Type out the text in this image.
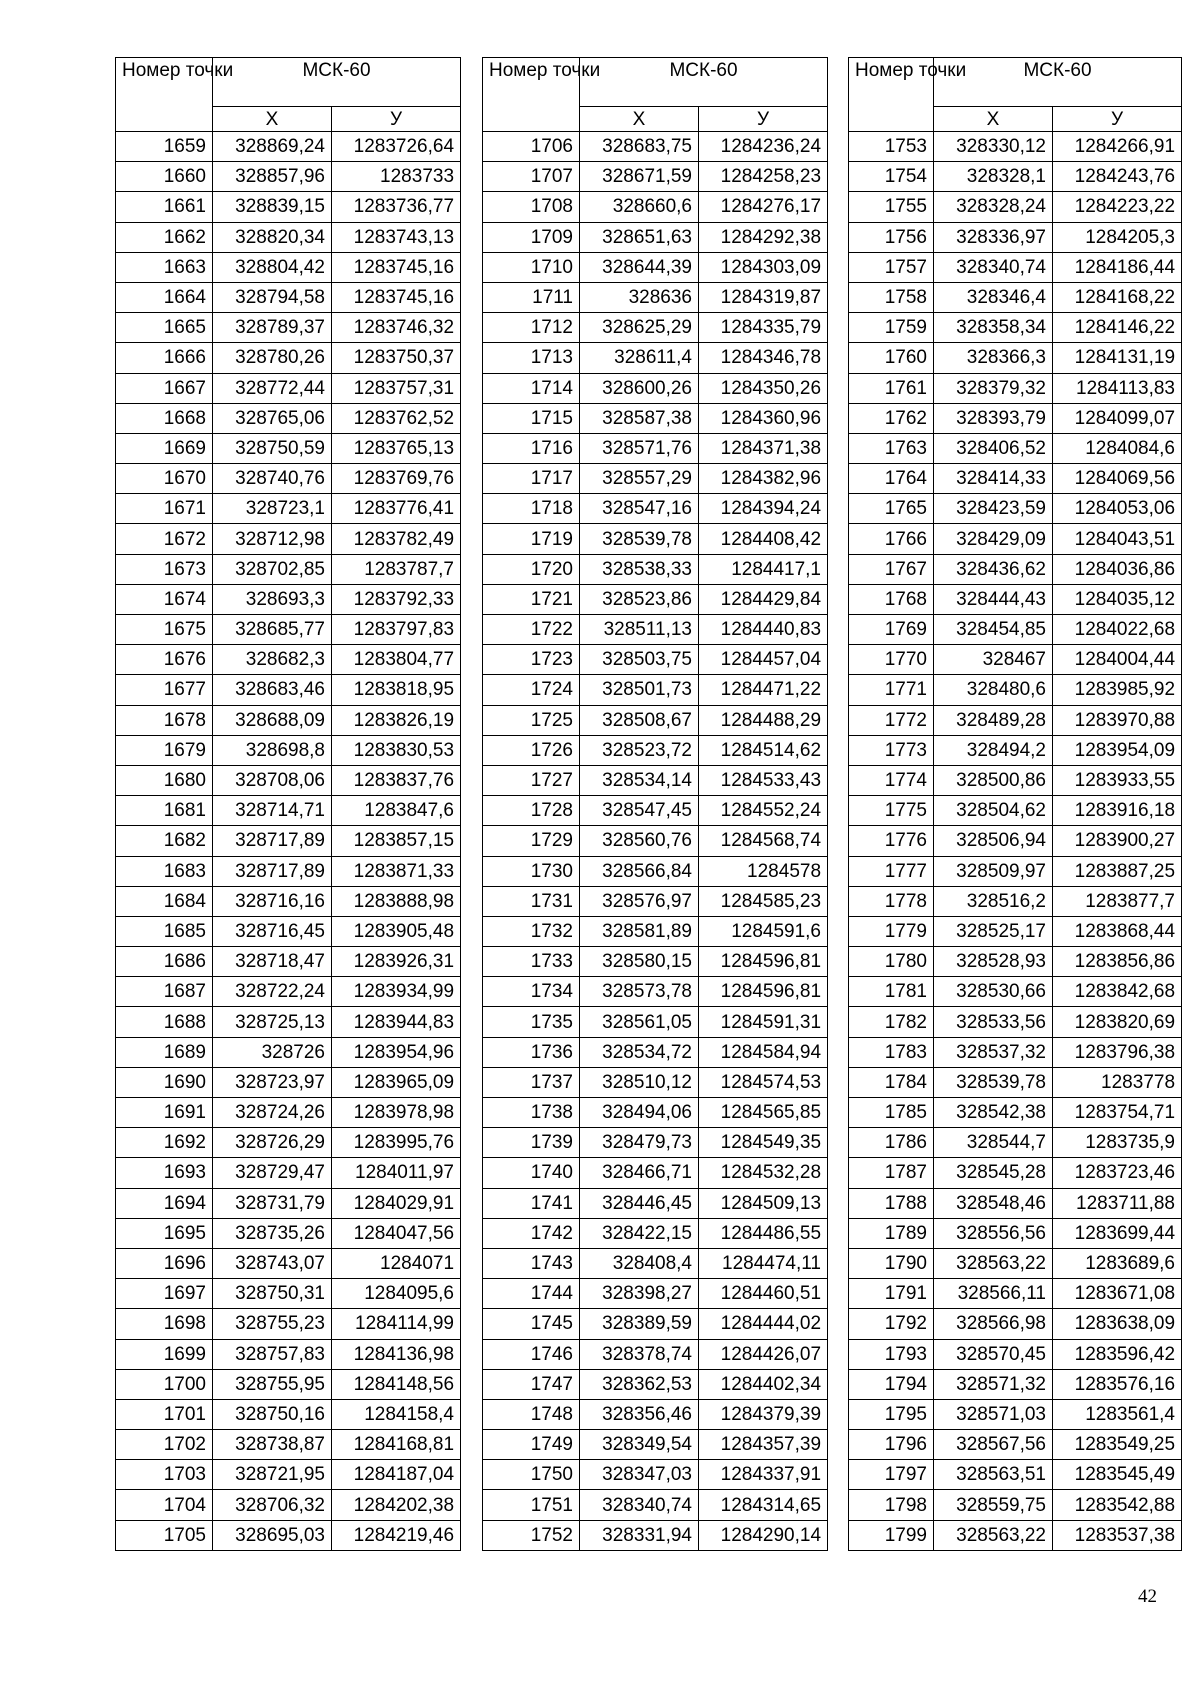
Номер точки	МСК-60	
	Х	У
1659	328869,24	1283726,64
1660	328857,96	1283733
1661	328839,15	1283736,77
1662	328820,34	1283743,13
1663	328804,42	1283745,16
1664	328794,58	1283745,16
1665	328789,37	1283746,32
1666	328780,26	1283750,37
1667	328772,44	1283757,31
1668	328765,06	1283762,52
1669	328750,59	1283765,13
1670	328740,76	1283769,76
1671	328723,1	1283776,41
1672	328712,98	1283782,49
1673	328702,85	1283787,7
1674	328693,3	1283792,33
1675	328685,77	1283797,83
1676	328682,3	1283804,77
1677	328683,46	1283818,95
1678	328688,09	1283826,19
1679	328698,8	1283830,53
1680	328708,06	1283837,76
1681	328714,71	1283847,6
1682	328717,89	1283857,15
1683	328717,89	1283871,33
1684	328716,16	1283888,98
1685	328716,45	1283905,48
1686	328718,47	1283926,31
1687	328722,24	1283934,99
1688	328725,13	1283944,83
1689	328726	1283954,96
1690	328723,97	1283965,09
1691	328724,26	1283978,98
1692	328726,29	1283995,76
1693	328729,47	1284011,97
1694	328731,79	1284029,91
1695	328735,26	1284047,56
1696	328743,07	1284071
1697	328750,31	1284095,6
1698	328755,23	1284114,99
1699	328757,83	1284136,98
1700	328755,95	1284148,56
1701	328750,16	1284158,4
1702	328738,87	1284168,81
1703	328721,95	1284187,04
1704	328706,32	1284202,38
1705	328695,03	1284219,46
Номер точки	МСК-60	
	Х	У
1706	328683,75	1284236,24
1707	328671,59	1284258,23
1708	328660,6	1284276,17
1709	328651,63	1284292,38
1710	328644,39	1284303,09
1711	328636	1284319,87
1712	328625,29	1284335,79
1713	328611,4	1284346,78
1714	328600,26	1284350,26
1715	328587,38	1284360,96
1716	328571,76	1284371,38
1717	328557,29	1284382,96
1718	328547,16	1284394,24
1719	328539,78	1284408,42
1720	328538,33	1284417,1
1721	328523,86	1284429,84
1722	328511,13	1284440,83
1723	328503,75	1284457,04
1724	328501,73	1284471,22
1725	328508,67	1284488,29
1726	328523,72	1284514,62
1727	328534,14	1284533,43
1728	328547,45	1284552,24
1729	328560,76	1284568,74
1730	328566,84	1284578
1731	328576,97	1284585,23
1732	328581,89	1284591,6
1733	328580,15	1284596,81
1734	328573,78	1284596,81
1735	328561,05	1284591,31
1736	328534,72	1284584,94
1737	328510,12	1284574,53
1738	328494,06	1284565,85
1739	328479,73	1284549,35
1740	328466,71	1284532,28
1741	328446,45	1284509,13
1742	328422,15	1284486,55
1743	328408,4	1284474,11
1744	328398,27	1284460,51
1745	328389,59	1284444,02
1746	328378,74	1284426,07
1747	328362,53	1284402,34
1748	328356,46	1284379,39
1749	328349,54	1284357,39
1750	328347,03	1284337,91
1751	328340,74	1284314,65
1752	328331,94	1284290,14
Номер точки	МСК-60	
	Х	У
1753	328330,12	1284266,91
1754	328328,1	1284243,76
1755	328328,24	1284223,22
1756	328336,97	1284205,3
1757	328340,74	1284186,44
1758	328346,4	1284168,22
1759	328358,34	1284146,22
1760	328366,3	1284131,19
1761	328379,32	1284113,83
1762	328393,79	1284099,07
1763	328406,52	1284084,6
1764	328414,33	1284069,56
1765	328423,59	1284053,06
1766	328429,09	1284043,51
1767	328436,62	1284036,86
1768	328444,43	1284035,12
1769	328454,85	1284022,68
1770	328467	1284004,44
1771	328480,6	1283985,92
1772	328489,28	1283970,88
1773	328494,2	1283954,09
1774	328500,86	1283933,55
1775	328504,62	1283916,18
1776	328506,94	1283900,27
1777	328509,97	1283887,25
1778	328516,2	1283877,7
1779	328525,17	1283868,44
1780	328528,93	1283856,86
1781	328530,66	1283842,68
1782	328533,56	1283820,69
1783	328537,32	1283796,38
1784	328539,78	1283778
1785	328542,38	1283754,71
1786	328544,7	1283735,9
1787	328545,28	1283723,46
1788	328548,46	1283711,88
1789	328556,56	1283699,44
1790	328563,22	1283689,6
1791	328566,11	1283671,08
1792	328566,98	1283638,09
1793	328570,45	1283596,42
1794	328571,32	1283576,16
1795	328571,03	1283561,4
1796	328567,56	1283549,25
1797	328563,51	1283545,49
1798	328559,75	1283542,88
1799	328563,22	1283537,38
42
